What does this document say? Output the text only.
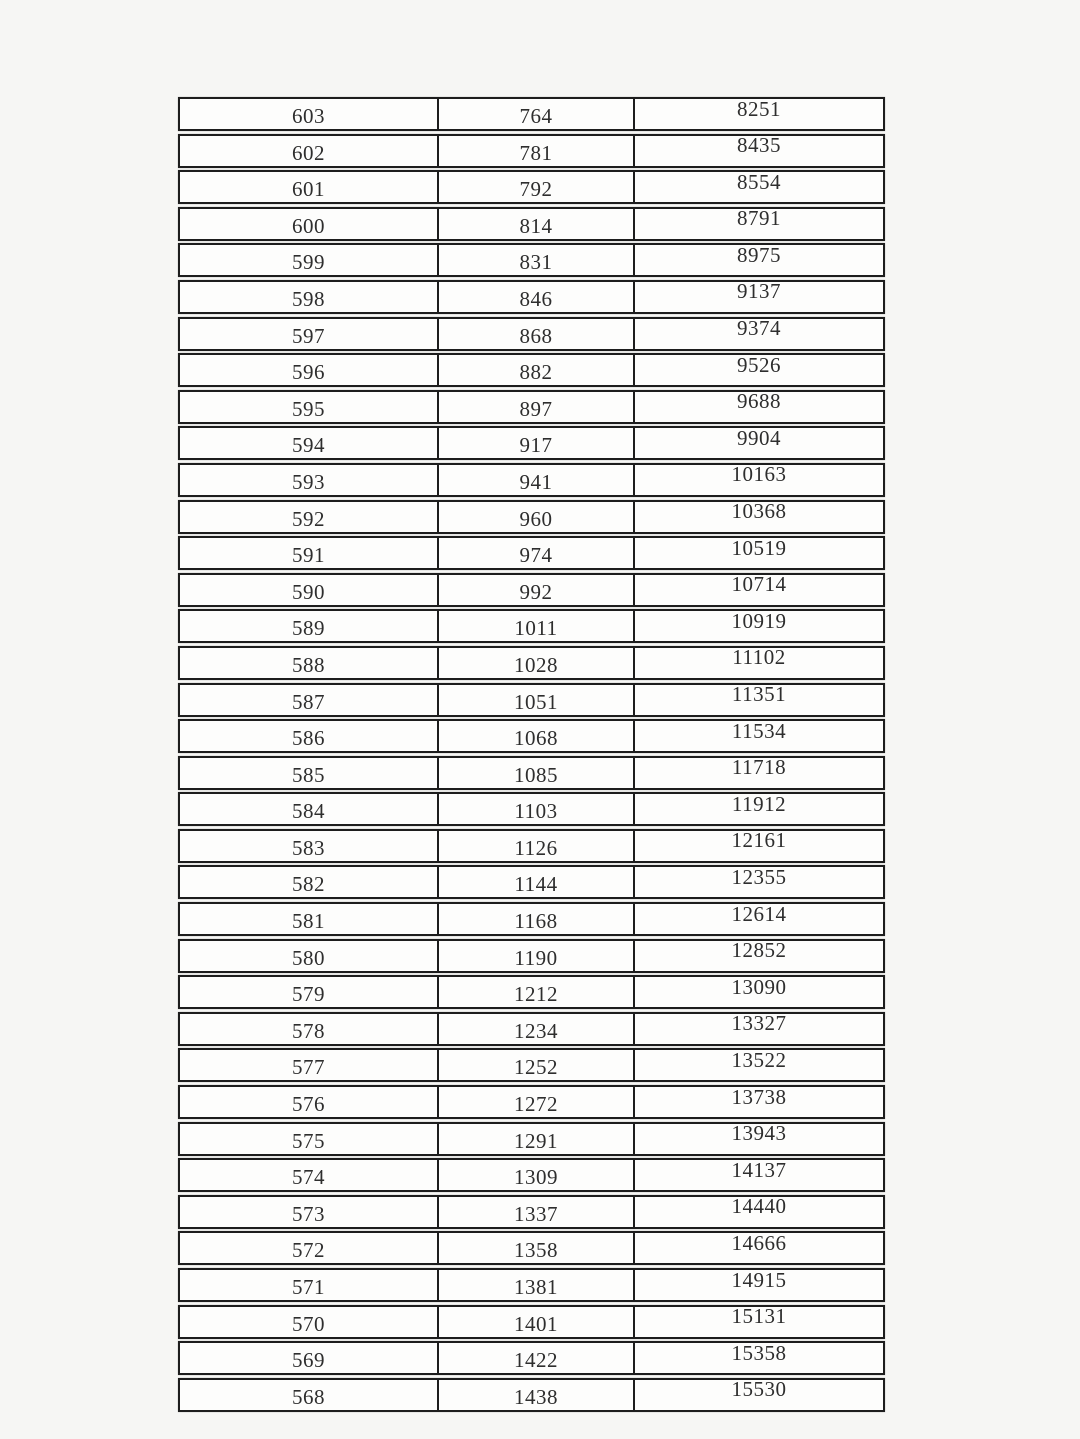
603	764	8251
602	781	8435
601	792	8554
600	814	8791
599	831	8975
598	846	9137
597	868	9374
596	882	9526
595	897	9688
594	917	9904
593	941	10163
592	960	10368
591	974	10519
590	992	10714
589	1011	10919
588	1028	11102
587	1051	11351
586	1068	11534
585	1085	11718
584	1103	11912
583	1126	12161
582	1144	12355
581	1168	12614
580	1190	12852
579	1212	13090
578	1234	13327
577	1252	13522
576	1272	13738
575	1291	13943
574	1309	14137
573	1337	14440
572	1358	14666
571	1381	14915
570	1401	15131
569	1422	15358
568	1438	15530
